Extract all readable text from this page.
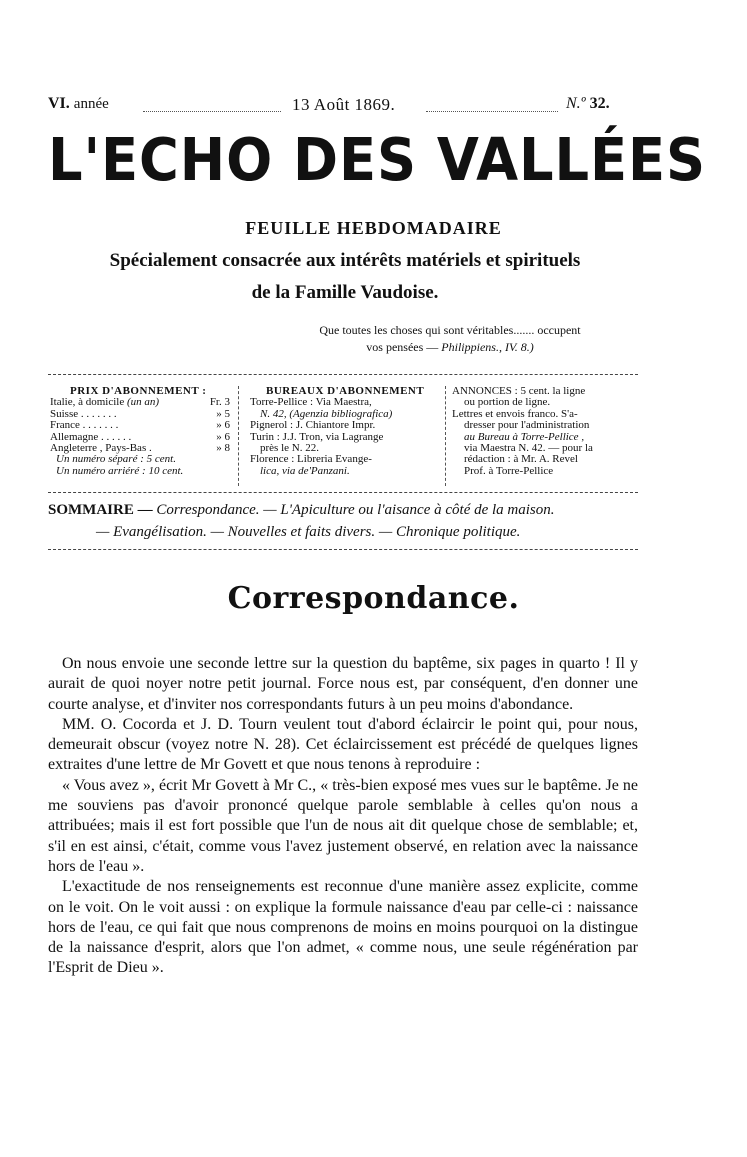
VI. année	13 Août 1869.	N.º 32.
L'ECHO DES VALLÉES
FEUILLE HEBDOMADAIRE
Spécialement consacrée aux intérêts matériels et spirituels
de la Famille Vaudoise.
Que toutes les choses qui sont véritables....... occupent
vos pensées — Philippiens., IV. 8.)
PRIX D'ABONNEMENT :
Italie, à domicile (un an)	Fr. 3
Suisse . . . . . . .	» 5
France . . . . . . .	» 6
Allemagne . . . . . .	» 6
Angleterre , Pays-Bas .	» 8
Un numéro séparé : 5 cent.
Un numéro arriéré : 10 cent.
BUREAUX D'ABONNEMENT
Torre-Pellice : Via Maestra,
N. 42, (Agenzia bibliografica)
Pignerol : J. Chiantore Impr.
Turin : J.J. Tron, via Lagrange
près le N. 22.
Florence : Libreria Evange-
lica, via de'Panzani.
ANNONCES : 5 cent. la ligne
ou portion de ligne.
Lettres et envois franco. S'a-
dresser pour l'administration
au Bureau à Torre-Pellice ,
via Maestra N. 42. — pour la
rédaction : à Mr. A. Revel
Prof. à Torre-Pellice
SOMMAIRE — Correspondance. — L'Apiculture ou l'aisance à côté de la maison.
— Evangélisation. — Nouvelles et faits divers. — Chronique politique.
Correspondance.

On nous envoie une seconde lettre sur la question du baptême, six pages in quarto ! Il y aurait de quoi noyer notre petit journal. Force nous est, par conséquent, d'en donner une courte analyse, et d'inviter nos correspondants futurs à un peu moins d'abondance.

MM. O. Cocorda et J. D. Tourn veulent tout d'abord éclaircir le point qui, pour nous, demeurait obscur (voyez notre N. 28). Cet éclaircissement est précédé de quelques lignes extraites d'une lettre de Mr Govett et que nous tenons à reproduire :

« Vous avez », écrit Mr Govett à Mr C., « très-bien exposé mes vues sur le baptême. Je ne me souviens pas d'avoir prononcé quelque parole semblable à celles qu'on nous a attribuées; mais il est fort possible que l'un de nous ait dit quelque chose de semblable; et, s'il en est ainsi, c'était, comme vous l'avez justement observé, en relation avec la naissance hors de l'eau ».

L'exactitude de nos renseignements est reconnue d'une manière assez explicite, comme on le voit. On le voit aussi : on explique la formule naissance d'eau par celle-ci : naissance hors de l'eau, ce qui fait que nous comprenons de moins en moins pourquoi on la distingue de la naissance d'esprit, alors que l'on admet, « comme nous, une seule régénération par l'Esprit de Dieu ».
